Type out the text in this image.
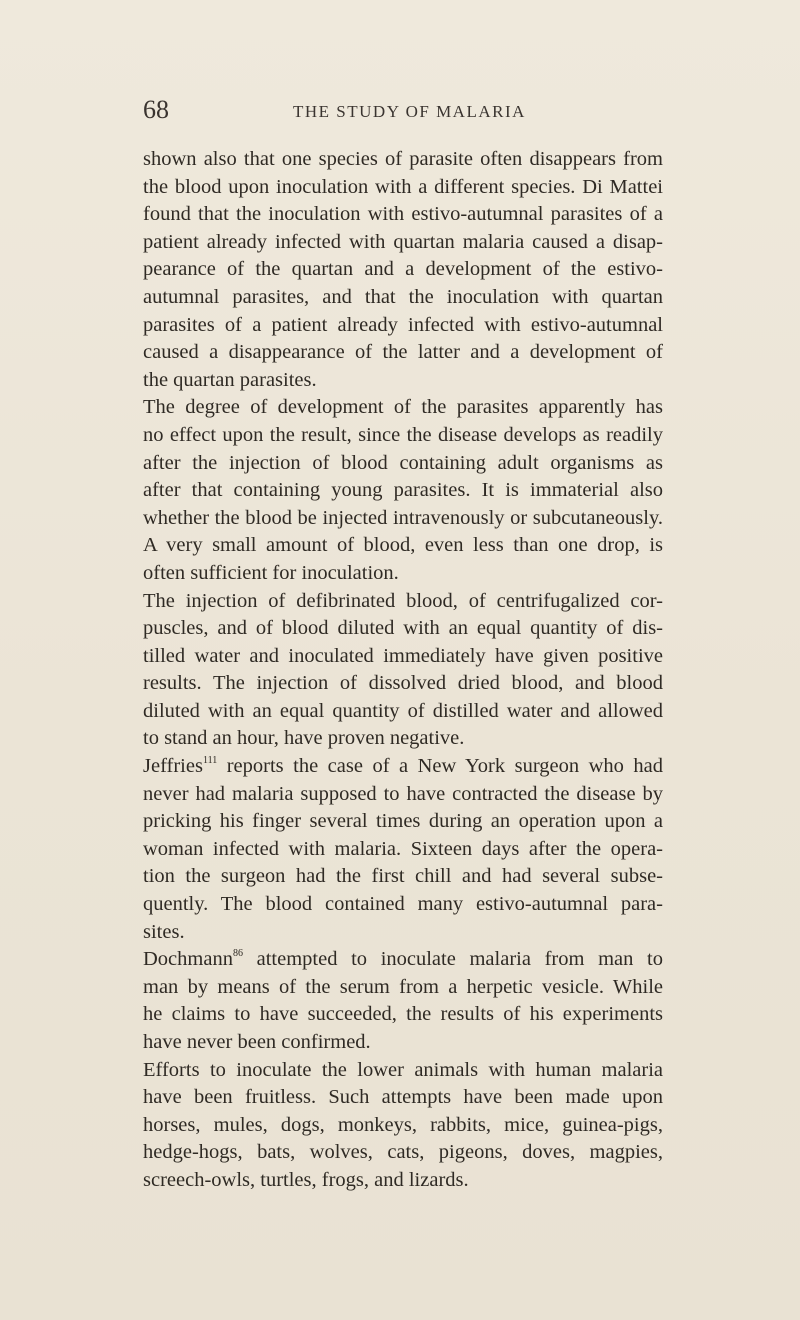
68	THE STUDY OF MALARIA
shown also that one species of parasite often disappears from
the blood upon inoculation with a different species. Di Mattei
found that the inoculation with estivo-autumnal parasites of a
patient already infected with quartan malaria caused a disap-
pearance of the quartan and a development of the estivo-
autumnal parasites, and that the inoculation with quartan
parasites of a patient already infected with estivo-autumnal
caused a disappearance of the latter and a development of
the quartan parasites.
The degree of development of the parasites apparently has
no effect upon the result, since the disease develops as readily
after the injection of blood containing adult organisms as
after that containing young parasites. It is immaterial also
whether the blood be injected intravenously or subcutaneously.
A very small amount of blood, even less than one drop, is
often sufficient for inoculation.
The injection of defibrinated blood, of centrifugalized cor-
puscles, and of blood diluted with an equal quantity of dis-
tilled water and inoculated immediately have given positive
results. The injection of dissolved dried blood, and blood
diluted with an equal quantity of distilled water and allowed
to stand an hour, have proven negative.
Jeffries$^{111}$ reports the case of a New York surgeon who had
never had malaria supposed to have contracted the disease by
pricking his finger several times during an operation upon a
woman infected with malaria. Sixteen days after the opera-
tion the surgeon had the first chill and had several subse-
quently. The blood contained many estivo-autumnal para-
sites.
Dochmann$^{86}$ attempted to inoculate malaria from man to
man by means of the serum from a herpetic vesicle. While
he claims to have succeeded, the results of his experiments
have never been confirmed.
Efforts to inoculate the lower animals with human malaria
have been fruitless. Such attempts have been made upon
horses, mules, dogs, monkeys, rabbits, mice, guinea-pigs,
hedge-hogs, bats, wolves, cats, pigeons, doves, magpies,
screech-owls, turtles, frogs, and lizards.
